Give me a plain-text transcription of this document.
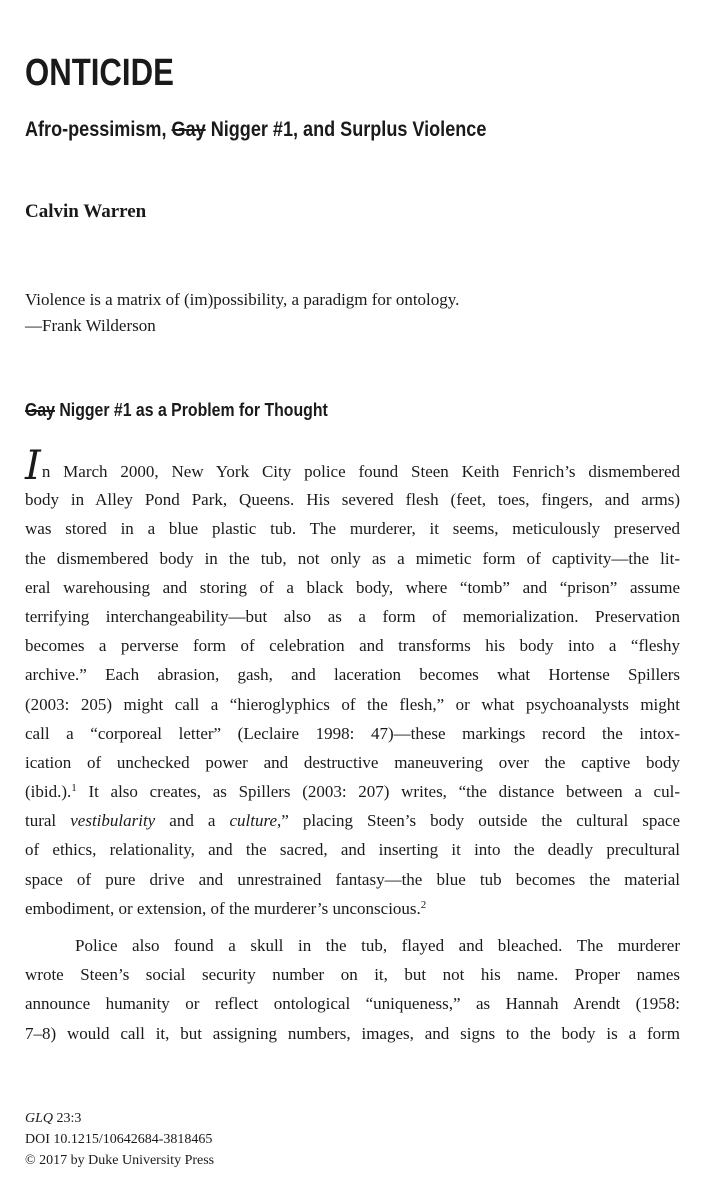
ONTICIDE
Afro-pessimism, Gay Nigger #1, and Surplus Violence

Calvin Warren

Violence is a matrix of (im)possibility, a paradigm for ontology.
—Frank Wilderson
Gay Nigger #1 as a Problem for Thought
In March 2000, New York City police found Steen Keith Fenrich’s dismembered
body in Alley Pond Park, Queens. His severed flesh (feet, toes, fingers, and arms)
was stored in a blue plastic tub. The murderer, it seems, meticulously preserved
the dismembered body in the tub, not only as a mimetic form of captivity—the lit-
eral warehousing and storing of a black body, where “tomb” and “prison” assume
terrifying interchangeability—but also as a form of memorialization. Preservation
becomes a perverse form of celebration and transforms his body into a “fleshy
archive.” Each abrasion, gash, and laceration becomes what Hortense Spillers
(2003: 205) might call a “hieroglyphics of the flesh,” or what psychoanalysts might
call a “corporeal letter” (Leclaire 1998: 47)—these markings record the intox-
ication of unchecked power and destructive maneuvering over the captive body
(ibid.).$^1$ It also creates, as Spillers (2003: 207) writes, “the distance between a cul-
tural vestibularity and a culture,” placing Steen’s body outside the cultural space
of ethics, relationality, and the sacred, and inserting it into the deadly precultural
space of pure drive and unrestrained fantasy—the blue tub becomes the material
embodiment, or extension, of the murderer’s unconscious.$^2$
Police also found a skull in the tub, flayed and bleached. The murderer
wrote Steen’s social security number on it, but not his name. Proper names
announce humanity or reflect ontological “uniqueness,” as Hannah Arendt (1958:
7–8) would call it, but assigning numbers, images, and signs to the body is a form
GLQ 23:3
DOI 10.1215/10642684-3818465
© 2017 by Duke University Press
